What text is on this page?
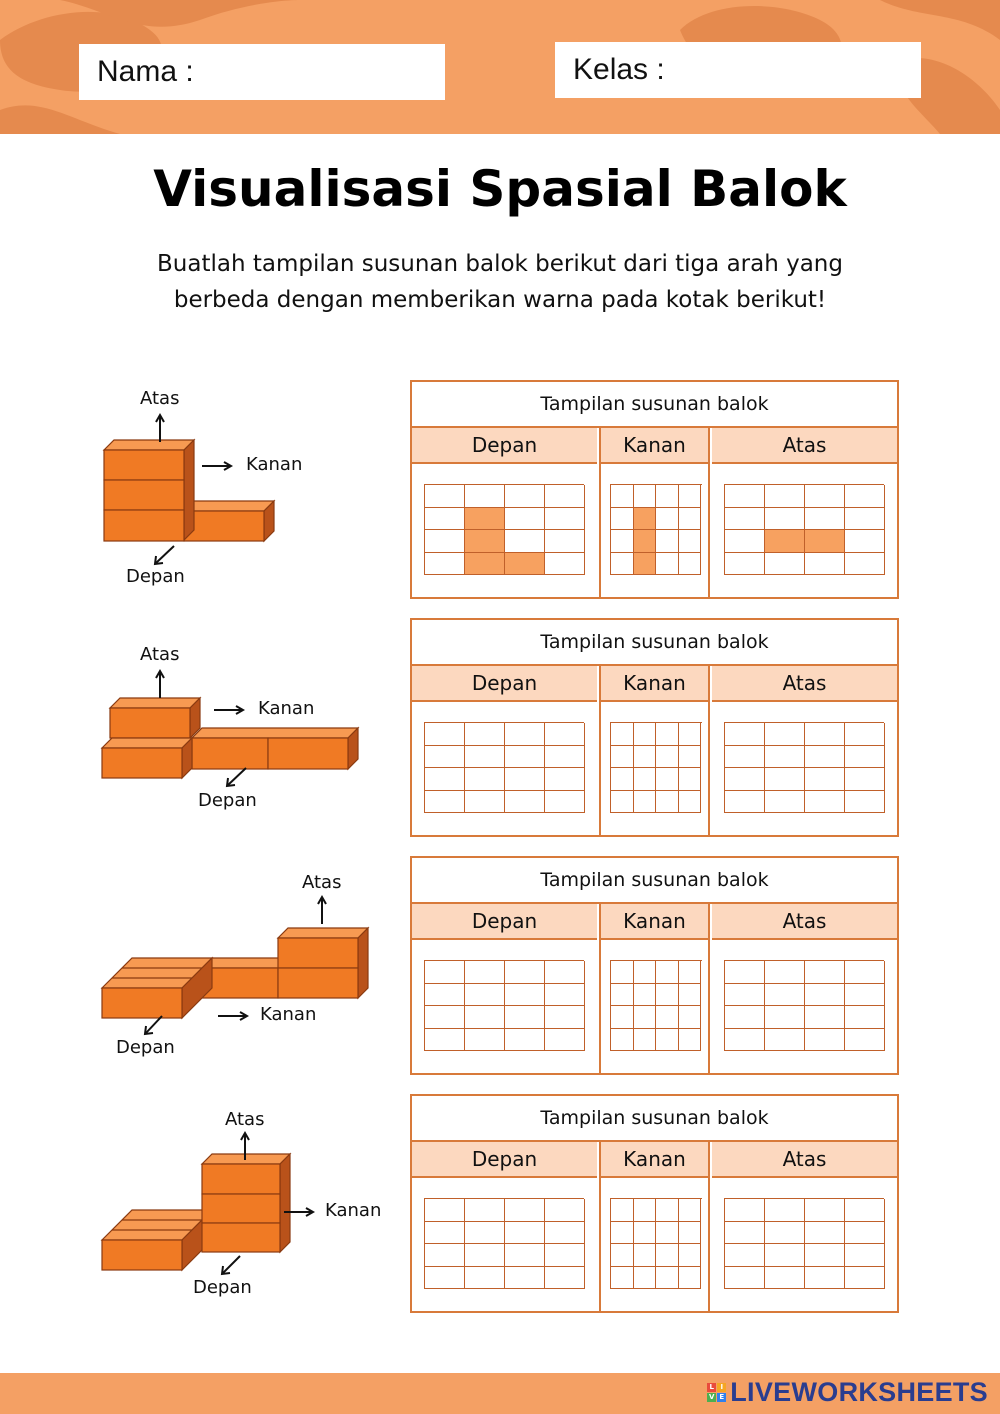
Nama :	Kelas :
Visualisasi Spasial Balok
Buatlah tampilan susunan balok berikut dari tiga arah yang
berbeda dengan memberikan warna pada kotak berikut!
Atas
Kanan
Depan
Atas
Kanan
Depan
Atas
Kanan
Depan
Atas
Kanan
Depan
Tampilan susunan balok
Depan	Kanan	Atas
Tampilan susunan balok
Depan	Kanan	Atas
Tampilan susunan balok
Depan	Kanan	Atas
Tampilan susunan balok
Depan	Kanan	Atas
L I
V E LIVEWORKSHEETS
